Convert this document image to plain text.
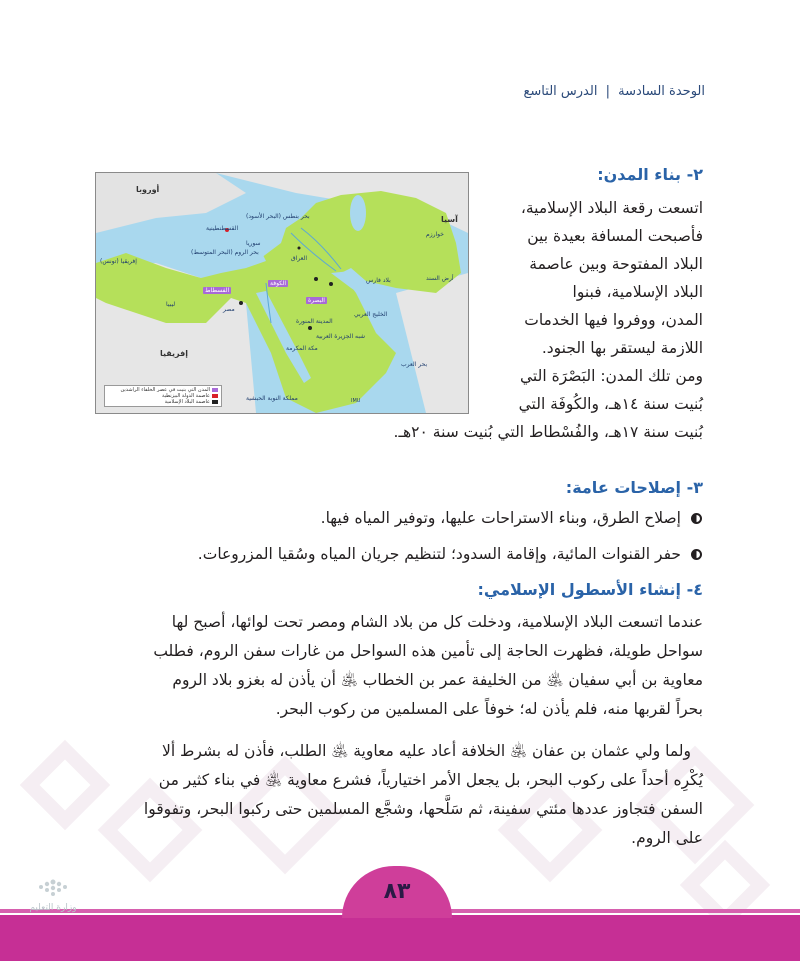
الوحدة السادسة | الدرس التاسع
٢- بناء المدن:
اتسعت رقعة البلاد الإسلامية،
فأصبحت المسافة بعيدة بين
البلاد المفتوحة وبين عاصمة
البلاد الإسلامية، فبنوا
المدن، ووفروا فيها الخدمات
اللازمة ليستقر بها الجنود.
ومن تلك المدن: البَصْرَة التي
بُنيت سنة ١٤هـ، والكُوفَة التي
بُنيت سنة ١٧هـ، والفُسْطاط التي بُنيت سنة ٢٠هـ.
أوروبا
آسيا
إفريقيا
بحر بنطس (البحر الأسود)
القسطنطينية
سوريا
بحر الروم (البحر المتوسط)
العراق
الكوفة
البصرة
الفسطاط
مصر
ليبيا
إفريقيا (تونس)
بلاد فارس	أرض السند
المدينة المنورة
مكة المكرمة
شبه الجزيرة العربية
مملكة النوبة الحبشية
خوارزم
الخليج العربي
بحر العرب
IMU
المدن التي بنيت في عصر الخلفاء الراشدين
عاصمة الدولة البيزنطية
عاصمة البلاد الإسلامية
٣- إصلاحات عامة:
إصلاح الطرق، وبناء الاستراحات عليها، وتوفير المياه فيها.
حفر القنوات المائية، وإقامة السدود؛ لتنظيم جريان المياه وسُقيا المزروعات.
٤- إنشاء الأسطول الإسلامي:
عندما اتسعت البلاد الإسلامية، ودخلت كل من بلاد الشام ومصر تحت لوائها، أصبح لها
سواحل طويلة، فظهرت الحاجة إلى تأمين هذه السواحل من غارات سفن الروم، فطلب
معاوية بن أبي سفيان ﵁ من الخليفة عمر بن الخطاب ﵁ أن يأذن له بغزو بلاد الروم
بحراً لقربها منه، فلم يأذن له؛ خوفاً على المسلمين من ركوب البحر.
ولما ولي عثمان بن عفان ﵁ الخلافة أعاد عليه معاوية ﵁ الطلب، فأذن له بشرط ألا
يُكْرِه أحداً على ركوب البحر، بل يجعل الأمر اختيارياً، فشرع معاوية ﵁ في بناء كثير من
السفن فتجاوز عددها مئتي سفينة، ثم سَلَّحها، وشجَّع المسلمين حتى ركبوا البحر، وتفوقوا
على الروم.
٨٣
وزارة التعليم
